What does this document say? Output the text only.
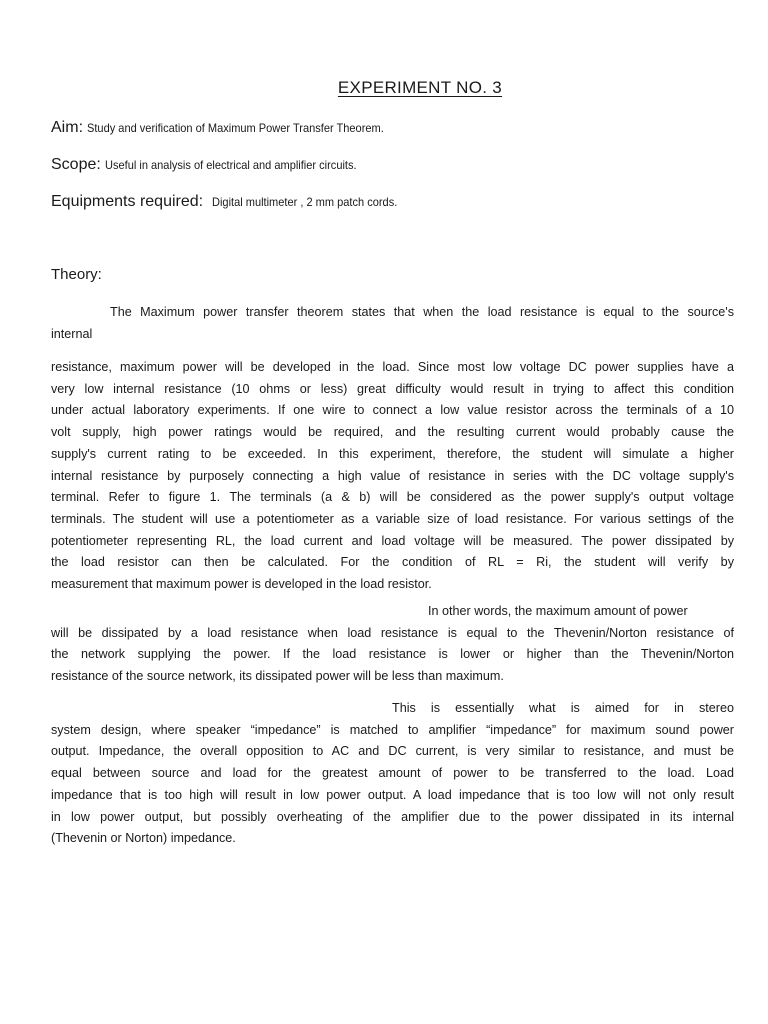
EXPERIMENT NO. 3
Aim: Study and verification of Maximum Power Transfer Theorem.
Scope: Useful in analysis of electrical and amplifier circuits.
Equipments required:  Digital multimeter , 2 mm patch cords.
Theory:
The Maximum power transfer theorem states that when the load resistance is equal to the source's
internal
resistance, maximum power will be developed in the load. Since most low voltage DC power supplies have a
very low internal resistance (10 ohms or less) great difficulty would result in trying to affect this condition
under actual laboratory experiments. If one wire to connect a low value resistor across the terminals of a 10
volt supply, high power ratings would be required, and the resulting current would probably cause the
supply's current rating to be exceeded. In this experiment, therefore, the student will simulate a higher
internal resistance by purposely connecting a high value of resistance in series with the DC voltage supply's
terminal. Refer to figure 1. The terminals (a & b) will be considered as the power supply's output voltage
terminals. The student will use a potentiometer as a variable size of load resistance. For various settings of the
potentiometer representing RL, the load current and load voltage will be measured. The power dissipated by
the load resistor can then be calculated. For the condition of RL = Ri, the student will verify by
measurement that maximum power is developed in the load resistor.
In other words, the maximum amount of power
will be dissipated by a load resistance when load resistance is equal to the Thevenin/Norton resistance of
the network supplying the power. If the load resistance is lower or higher than the Thevenin/Norton
resistance of the source network, its dissipated power will be less than maximum.
This is essentially what is aimed for in stereo
system design, where speaker “impedance” is matched to amplifier “impedance” for maximum sound power
output. Impedance, the overall opposition to AC and DC current, is very similar to resistance, and must be
equal between source and load for the greatest amount of power to be transferred to the load. Load
impedance that is too high will result in low power output. A load impedance that is too low will not only result
in low power output, but possibly overheating of the amplifier due to the power dissipated in its internal
(Thevenin or Norton) impedance.
